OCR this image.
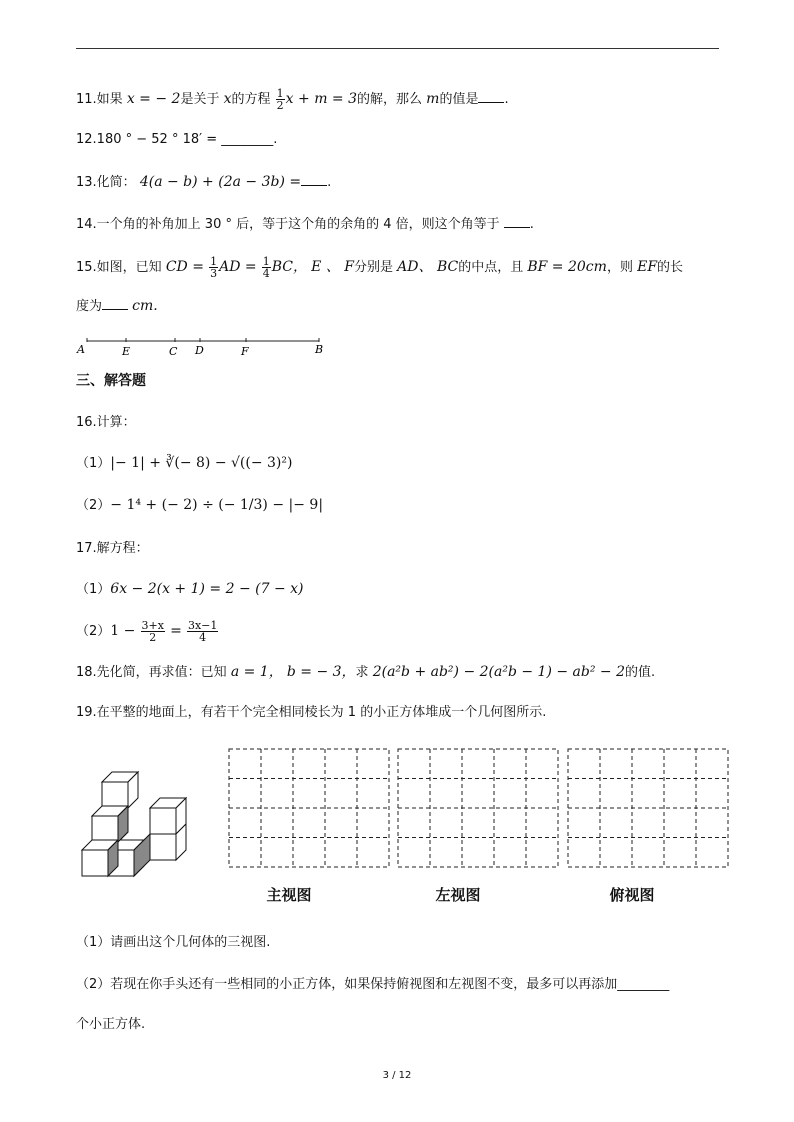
11.如果 x = − 2是关于 x的方程 $\frac{1}{2}$ x + m = 3的解，那么 m的值是 .
12.180 ° − 52 ° 18′ = ________.
13.化简： 4(a − b) + (2a − 3b) = .
14.一个角的补角加上 30 ° 后，等于这个角的余角的 4 倍，则这个角等于 .
15.如图，已知 CD = $\frac{1}{3}$ AD = $\frac{1}{4}$ BC， E 、 F分别是 AD、 BC的中点，且 BF = 20cm，则 EF的长
度为 cm.
A	E	C D	F	B
三、解答题
16.计算：
（1）|− 1| + ∛(− 8) − √((− 3)²)
（2）− 1⁴ + (− 2) ÷ (− 1/3) − |− 9|
17.解方程：
（1）6x − 2(x + 1) = 2 − (7 − x)
$(2)1 - \frac{3+x}{2} = \frac{3x-1}{4}$
18.先化简，再求值：已知 a = 1， b = − 3，求 2(a²b + ab²) − 2(a²b − 1) − ab² − 2的值.
19.在平整的地面上，有若干个完全相同棱长为 1 的小正方体堆成一个几何图所示.
主视图	左视图	俯视图
（1）请画出这个几何体的三视图.
（2）若现在你手头还有一些相同的小正方体，如果保持俯视图和左视图不变，最多可以再添加________
个小正方体.
3 / 12
